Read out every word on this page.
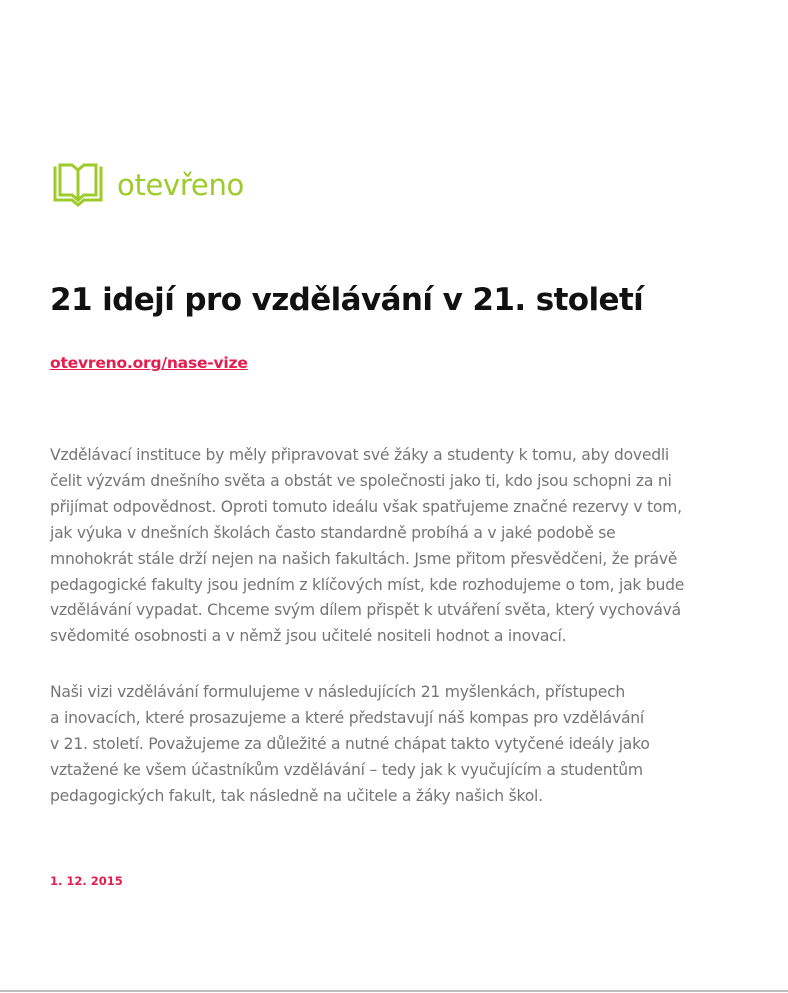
otevřeno
21 idejí pro vzdělávání v 21. století
otevreno.org/nase-vize

Vzdělávací instituce by měly připravovat své žáky a studenty k tomu, aby dovedli
čelit výzvám dnešního světa a obstát ve společnosti jako ti, kdo jsou schopni za ni
přijímat odpovědnost. Oproti tomuto ideálu však spatřujeme značné rezervy v tom,
jak výuka v dnešních školách často standardně probíhá a v jaké podobě se
mnohokrát stále drží nejen na našich fakultách. Jsme přitom přesvědčeni, že právě
pedagogické fakulty jsou jedním z klíčových míst, kde rozhodujeme o tom, jak bude
vzdělávání vypadat. Chceme svým dílem přispět k utváření světa, který vychovává
svědomité osobnosti a v němž jsou učitelé nositeli hodnot a inovací.

Naši vizi vzdělávání formulujeme v následujících 21 myšlenkách, přístupech
a inovacích, které prosazujeme a které představují náš kompas pro vzdělávání
v 21. století. Považujeme za důležité a nutné chápat takto vytyčené ideály jako
vztažené ke všem účastníkům vzdělávání – tedy jak k vyučujícím a studentům
pedagogických fakult, tak následně na učitele a žáky našich škol.

1. 12. 2015
